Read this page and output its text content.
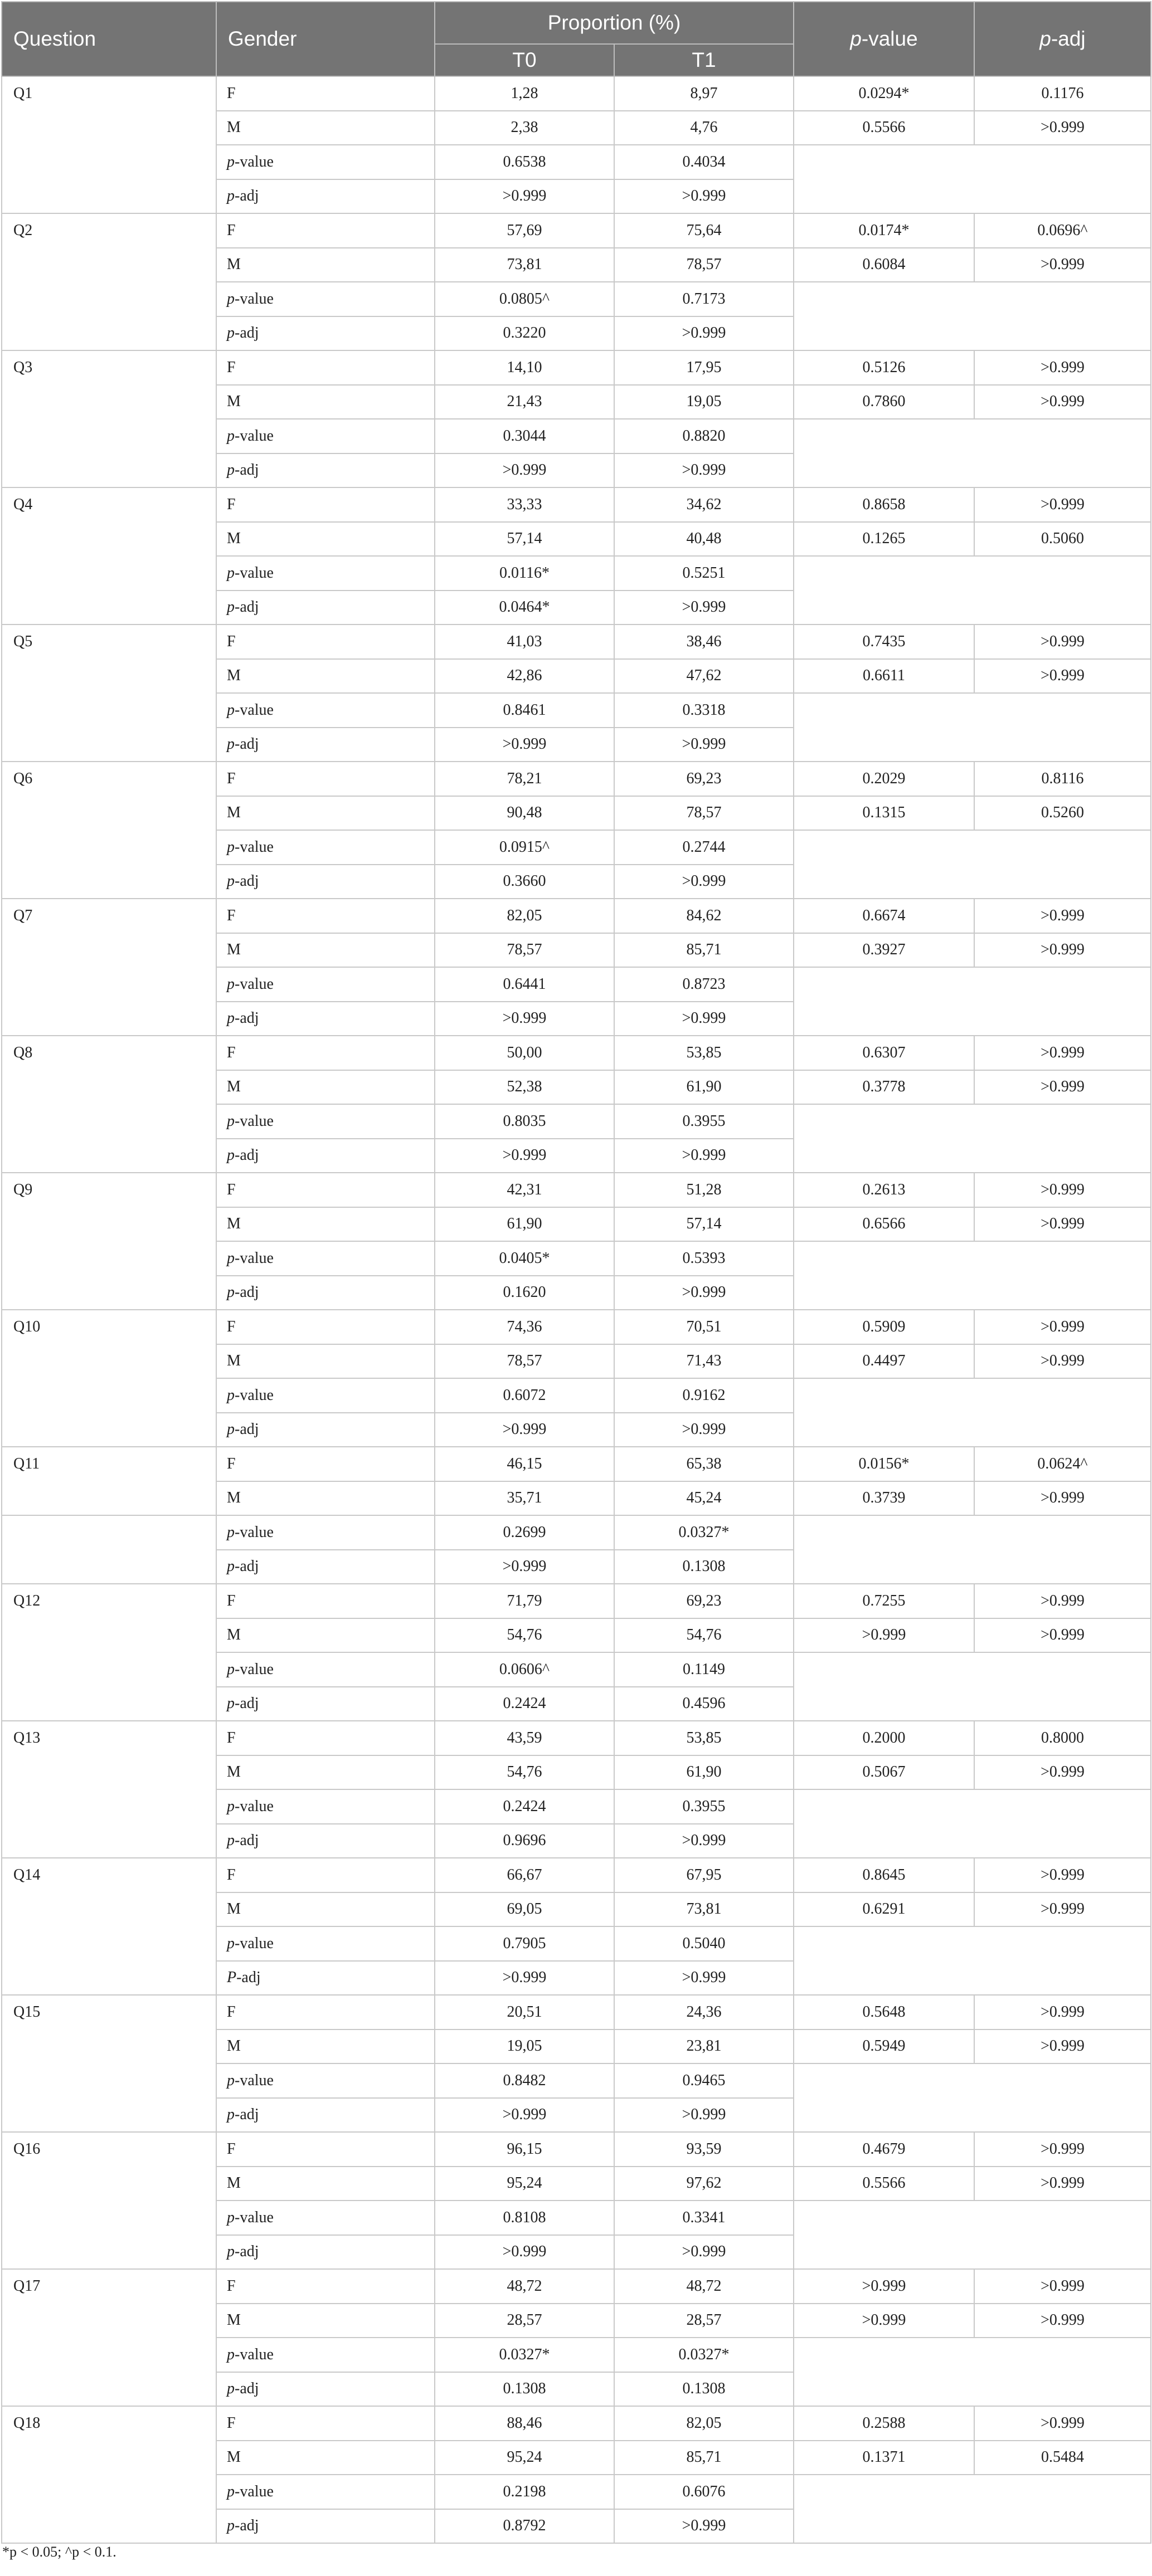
Question	Gender	Proportion (%)		p-value	p-adj
		T0	T1		
Q1	F	1,28	8,97	0.0294*	0.1176
	M	2,38	4,76	0.5566	>0.999
	p-value	0.6538	0.4034		
	p-adj	>0.999	>0.999		
Q2	F	57,69	75,64	0.0174*	0.0696^
	M	73,81	78,57	0.6084	>0.999
	p-value	0.0805^	0.7173		
	p-adj	0.3220	>0.999		
Q3	F	14,10	17,95	0.5126	>0.999
	M	21,43	19,05	0.7860	>0.999
	p-value	0.3044	0.8820		
	p-adj	>0.999	>0.999		
Q4	F	33,33	34,62	0.8658	>0.999
	M	57,14	40,48	0.1265	0.5060
	p-value	0.0116*	0.5251		
	p-adj	0.0464*	>0.999		
Q5	F	41,03	38,46	0.7435	>0.999
	M	42,86	47,62	0.6611	>0.999
	p-value	0.8461	0.3318		
	p-adj	>0.999	>0.999		
Q6	F	78,21	69,23	0.2029	0.8116
	M	90,48	78,57	0.1315	0.5260
	p-value	0.0915^	0.2744		
	p-adj	0.3660	>0.999		
Q7	F	82,05	84,62	0.6674	>0.999
	M	78,57	85,71	0.3927	>0.999
	p-value	0.6441	0.8723		
	p-adj	>0.999	>0.999		
Q8	F	50,00	53,85	0.6307	>0.999
	M	52,38	61,90	0.3778	>0.999
	p-value	0.8035	0.3955		
	p-adj	>0.999	>0.999		
Q9	F	42,31	51,28	0.2613	>0.999
	M	61,90	57,14	0.6566	>0.999
	p-value	0.0405*	0.5393		
	p-adj	0.1620	>0.999		
Q10	F	74,36	70,51	0.5909	>0.999
	M	78,57	71,43	0.4497	>0.999
	p-value	0.6072	0.9162		
	p-adj	>0.999	>0.999		
Q11	F	46,15	65,38	0.0156*	0.0624^
	M	35,71	45,24	0.3739	>0.999
	p-value	0.2699	0.0327*		
	p-adj	>0.999	0.1308		
Q12	F	71,79	69,23	0.7255	>0.999
	M	54,76	54,76	>0.999	>0.999
	p-value	0.0606^	0.1149		
	p-adj	0.2424	0.4596		
Q13	F	43,59	53,85	0.2000	0.8000
	M	54,76	61,90	0.5067	>0.999
	p-value	0.2424	0.3955		
	p-adj	0.9696	>0.999		
Q14	F	66,67	67,95	0.8645	>0.999
	M	69,05	73,81	0.6291	>0.999
	p-value	0.7905	0.5040		
	P-adj	>0.999	>0.999		
Q15	F	20,51	24,36	0.5648	>0.999
	M	19,05	23,81	0.5949	>0.999
	p-value	0.8482	0.9465		
	p-adj	>0.999	>0.999		
Q16	F	96,15	93,59	0.4679	>0.999
	M	95,24	97,62	0.5566	>0.999
	p-value	0.8108	0.3341		
	p-adj	>0.999	>0.999		
Q17	F	48,72	48,72	>0.999	>0.999
	M	28,57	28,57	>0.999	>0.999
	p-value	0.0327*	0.0327*		
	p-adj	0.1308	0.1308		
Q18	F	88,46	82,05	0.2588	>0.999
	M	95,24	85,71	0.1371	0.5484
	p-value	0.2198	0.6076		
	p-adj	0.8792	>0.999		
*p < 0.05; ^p < 0.1.
